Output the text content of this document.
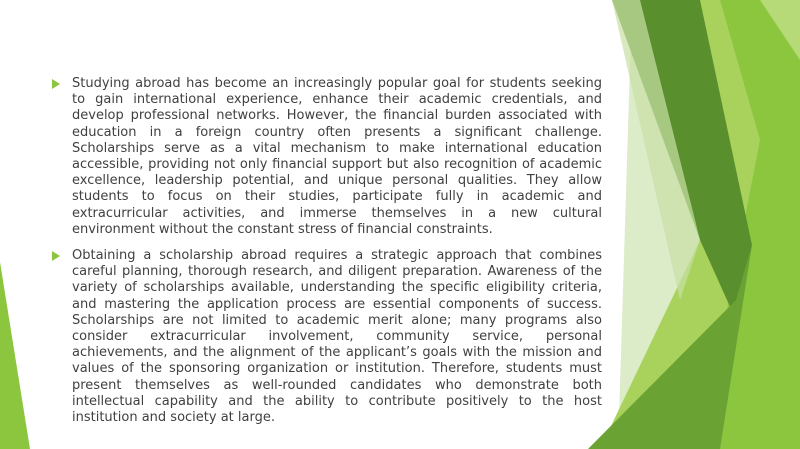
Studying abroad has become an increasingly popular goal for students seeking to gain international experience, enhance their academic credentials, and develop professional networks. However, the financial burden associated with education in a foreign country often presents a significant challenge. Scholarships serve as a vital mechanism to make international education accessible, providing not only financial support but also recognition of academic excellence, leadership potential, and unique personal qualities. They allow students to focus on their studies, participate fully in academic and extracurricular activities, and immerse themselves in a new cultural environment without the constant stress of financial constraints.
Obtaining a scholarship abroad requires a strategic approach that combines careful planning, thorough research, and diligent preparation. Awareness of the variety of scholarships available, understanding the specific eligibility criteria, and mastering the application process are essential components of success. Scholarships are not limited to academic merit alone; many programs also consider extracurricular involvement, community service, personal achievements, and the alignment of the applicant’s goals with the mission and values of the sponsoring organization or institution. Therefore, students must present themselves as well-rounded candidates who demonstrate both intellectual capability and the ability to contribute positively to the host institution and society at large.
